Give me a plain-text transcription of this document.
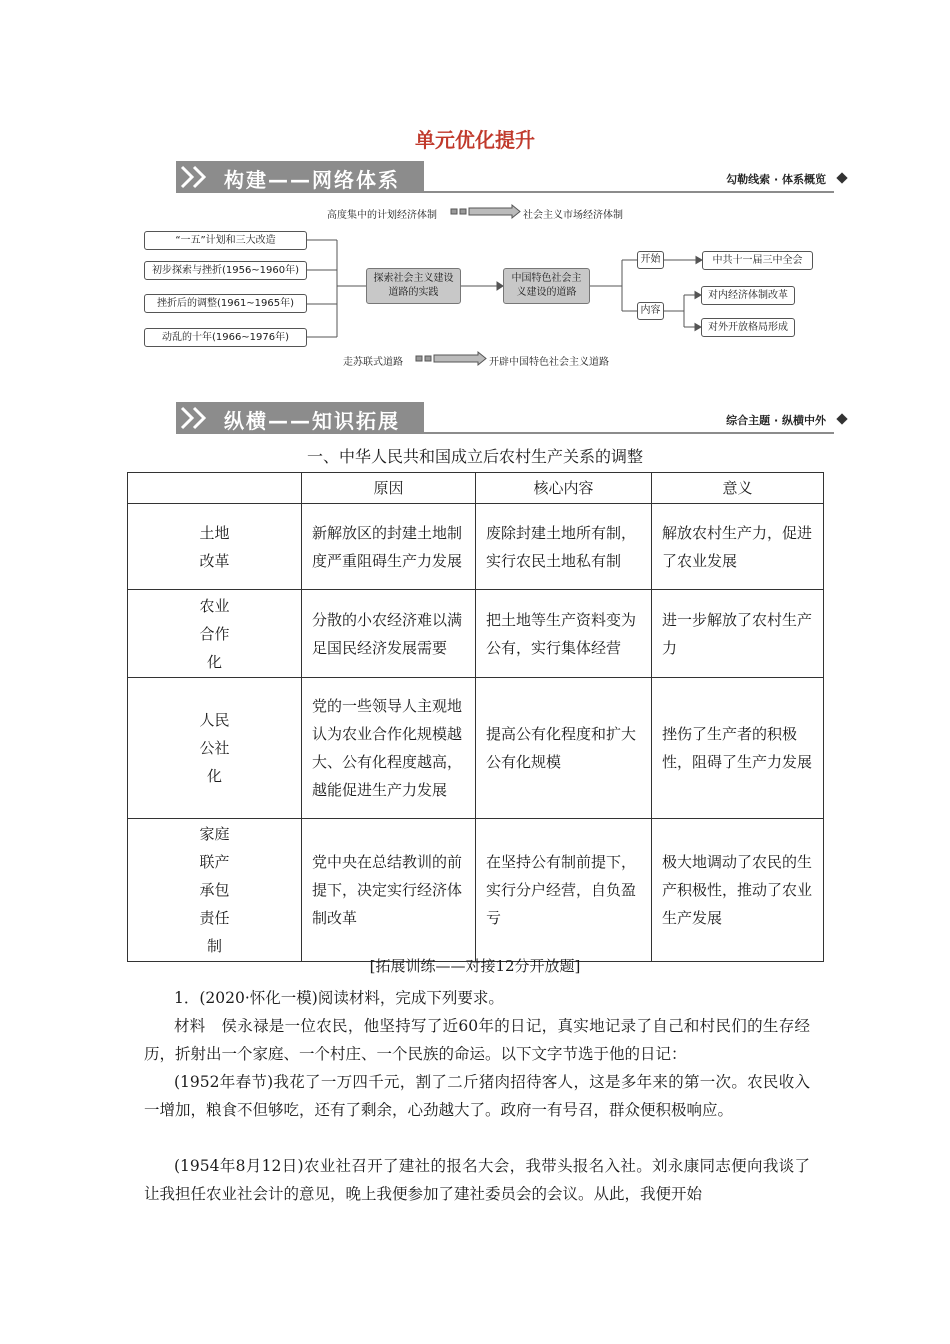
单元优化提升
构建——网络体系	勾勒线索 · 体系概览
高度集中的计划经济体制	社会主义市场经济体制
“一五”计划和三大改造
初步探索与挫折(1956~1960年)
挫折后的调整(1961~1965年)
动乱的十年(1966~1976年)
探索社会主义建设道路的实践
中国特色社会主义建设的道路
开始
内容
中共十一届三中全会
对内经济体制改革
对外开放格局形成
走苏联式道路	开辟中国特色社会主义道路
纵横——知识拓展	综合主题 · 纵横中外
一、中华人民共和国成立后农村生产关系的调整
	原因	核心内容	意义
土地
改革	新解放区的封建土地制度严重阻碍生产力发展	废除封建土地所有制，实行农民土地私有制	解放农村生产力，促进了农业发展
农业
合作
化	分散的小农经济难以满足国民经济发展需要	把土地等生产资料变为公有，实行集体经营	进一步解放了农村生产力
人民
公社
化	党的一些领导人主观地认为农业合作化规模越大、公有化程度越高，越能促进生产力发展	提高公有化程度和扩大公有化规模	挫伤了生产者的积极性，阻碍了生产力发展
家庭
联产
承包
责任
制	党中央在总结教训的前提下，决定实行经济体制改革	在坚持公有制前提下，实行分户经营，自负盈亏	极大地调动了农民的生产积极性，推动了农业生产发展
[拓展训练——对接12分开放题]
1．(2020·怀化一模)阅读材料，完成下列要求。
材料　侯永禄是一位农民，他坚持写了近60年的日记，真实地记录了自己和村民们的生存经历，折射出一个家庭、一个村庄、一个民族的命运。以下文字节选于他的日记：
(1952年春节)我花了一万四千元，割了二斤猪肉招待客人，这是多年来的第一次。农民收入一增加，粮食不但够吃，还有了剩余，心劲越大了。政府一有号召，群众便积极响应。
(1954年8月12日)农业社召开了建社的报名大会，我带头报名入社。刘永康同志便向我谈了让我担任农业社会计的意见，晚上我便参加了建社委员会的会议。从此，我便开始
